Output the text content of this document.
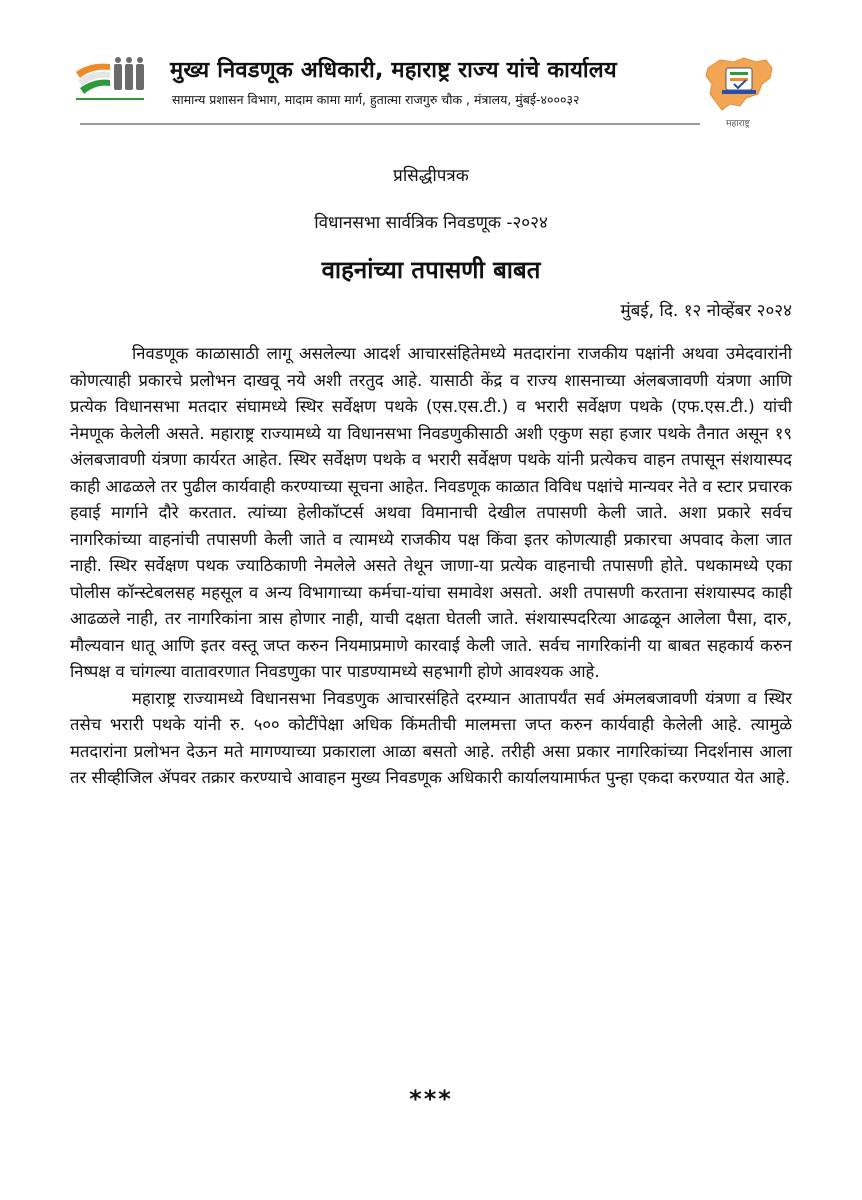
मुख्य निवडणूक अधिकारी, महाराष्ट्र राज्य यांचे कार्यालय
सामान्य प्रशासन विभाग, मादाम कामा मार्ग, हुतात्मा राजगुरु चौक , मंत्रालय, मुंबई-४०००३२
महाराष्ट्र
प्रसिद्धीपत्रक
विधानसभा सार्वत्रिक निवडणूक -२०२४
वाहनांच्या तपासणी बाबत
मुंबई, दि. १२ नोव्हेंबर २०२४

निवडणूक काळासाठी लागू असलेल्या आदर्श आचारसंहितेमध्ये मतदारांना राजकीय पक्षांनी अथवा उमेदवारांनी कोणत्याही प्रकारचे प्रलोभन दाखवू नये अशी तरतुद आहे. यासाठी केंद्र व राज्य शासनाच्या अंलबजावणी यंत्रणा आणि प्रत्येक विधानसभा मतदार संघामध्ये स्थिर सर्वेक्षण पथके (एस.एस.टी.) व भरारी सर्वेक्षण पथके (एफ.एस.टी.) यांची नेमणूक केलेली असते. महाराष्ट्र राज्यामध्ये या विधानसभा निवडणुकीसाठी अशी एकुण सहा हजार पथके तैनात असून १९ अंलबजावणी यंत्रणा कार्यरत आहेत. स्थिर सर्वेक्षण पथके व भरारी सर्वेक्षण पथके यांनी प्रत्येकच वाहन तपासून संशयास्पद काही आढळले तर पुढील कार्यवाही करण्याच्या सूचना आहेत. निवडणूक काळात विविध पक्षांचे मान्यवर नेते व स्टार प्रचारक हवाई मार्गाने दौरे करतात. त्यांच्या हेलीकॉप्टर्स अथवा विमानाची देखील तपासणी केली जाते. अशा प्रकारे सर्वच नागरिकांच्या वाहनांची तपासणी केली जाते व त्यामध्ये राजकीय पक्ष किंवा इतर कोणत्याही प्रकारचा अपवाद केला जात नाही. स्थिर सर्वेक्षण पथक ज्याठिकाणी नेमलेले असते तेथून जाणा-या प्रत्येक वाहनाची तपासणी होते. पथकामध्ये एका पोलीस कॉन्स्टेबलसह महसूल व अन्य विभागाच्या कर्मचा-यांचा समावेश असतो. अशी तपासणी करताना संशयास्पद काही आढळले नाही, तर नागरिकांना त्रास होणार नाही, याची दक्षता घेतली जाते. संशयास्पदरित्या आढळून आलेला पैसा, दारु, मौल्यवान धातू आणि इतर वस्तू जप्त करुन नियमाप्रमाणे कारवाई केली जाते. सर्वच नागरिकांनी या बाबत सहकार्य करुन निष्पक्ष व चांगल्या वातावरणात निवडणुका पार पाडण्यामध्ये सहभागी होणे आवश्यक आहे.

महाराष्ट्र राज्यामध्ये विधानसभा निवडणुक आचारसंहिते दरम्यान आतापर्यंत सर्व अंमलबजावणी यंत्रणा व स्थिर तसेच भरारी पथके यांनी रु. ५०० कोटींपेक्षा अधिक किंमतीची मालमत्ता जप्त करुन कार्यवाही केलेली आहे. त्यामुळे मतदारांना प्रलोभन देऊन मते मागण्याच्या प्रकाराला आळा बसतो आहे. तरीही असा प्रकार नागरिकांच्या निदर्शनास आला तर सीव्हीजिल ॲपवर तक्रार करण्याचे आवाहन मुख्य निवडणूक अधिकारी कार्यालयामार्फत पुन्हा एकदा करण्यात येत आहे.

***
